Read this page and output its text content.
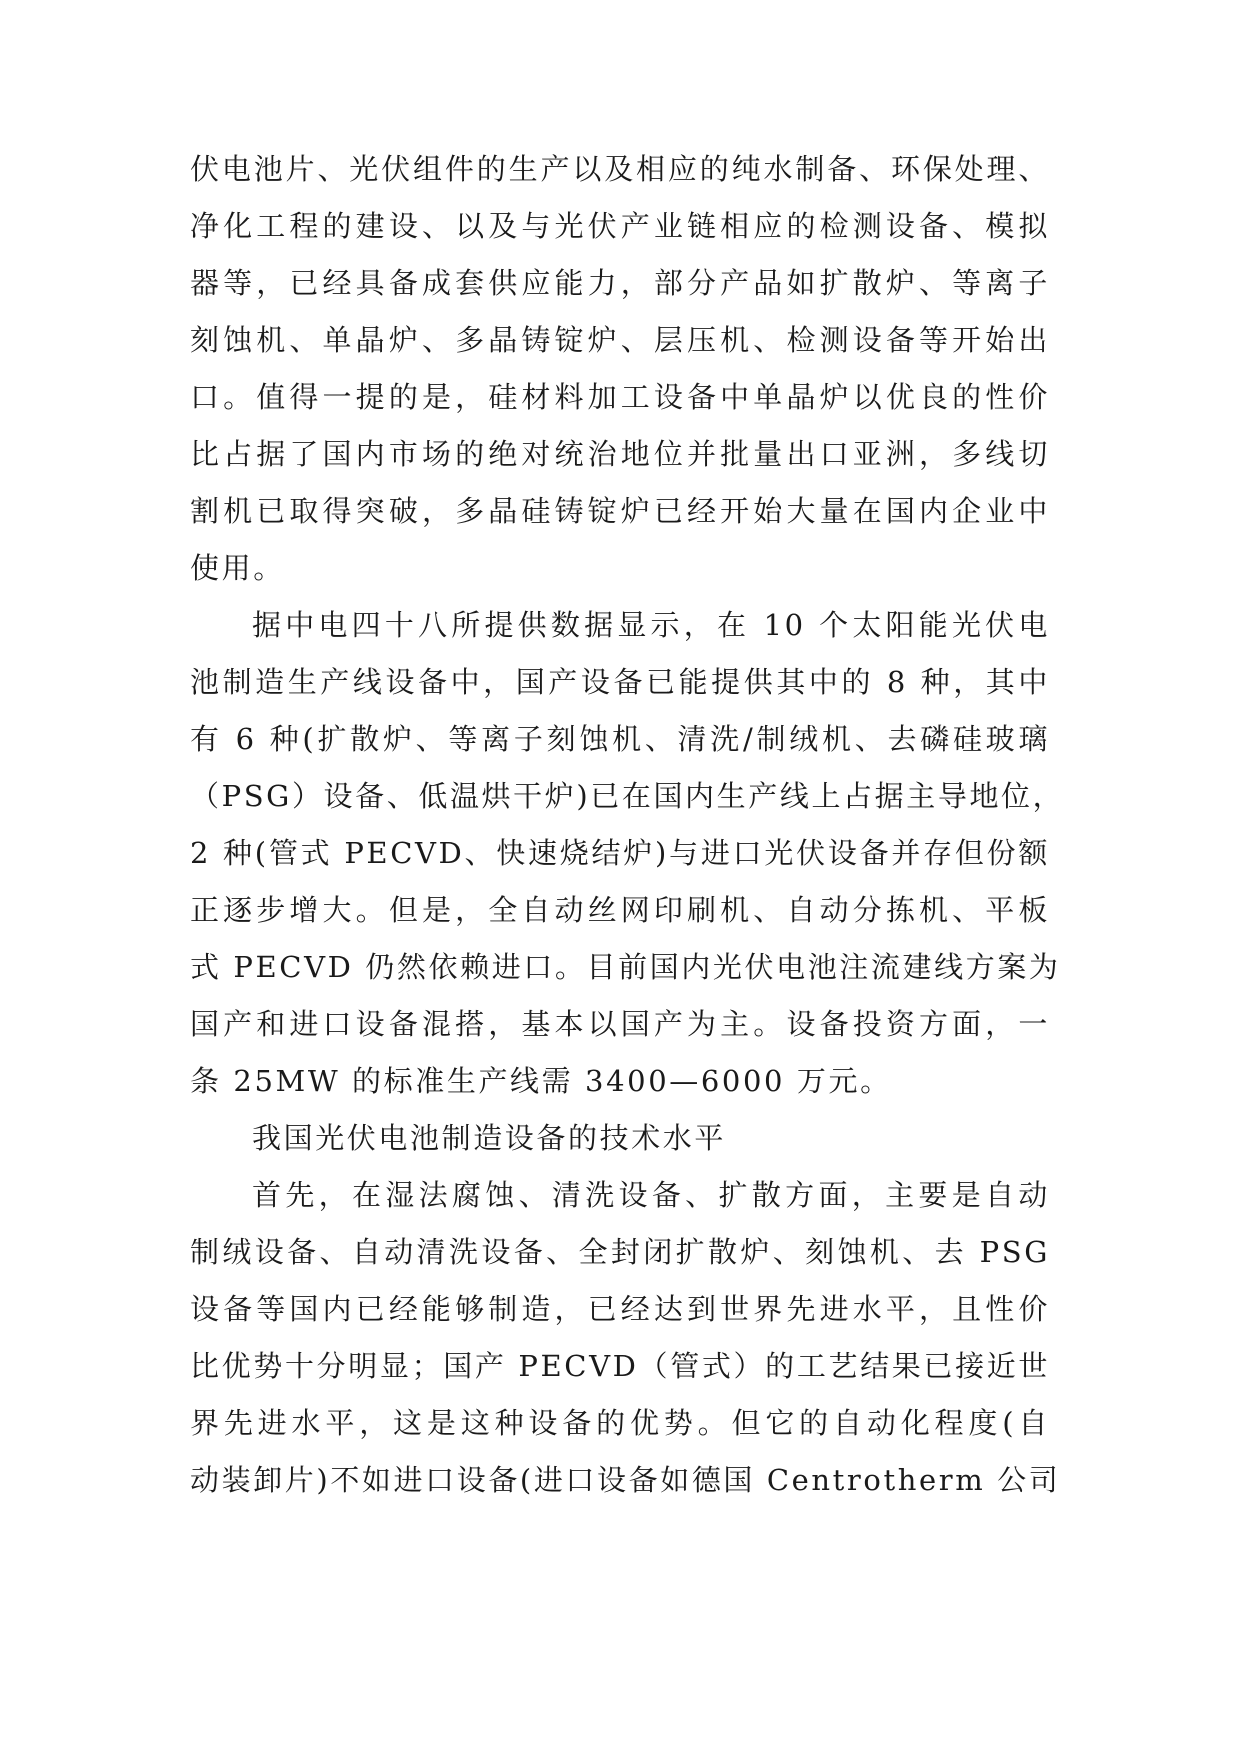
伏电池片、光伏组件的生产以及相应的纯水制备、环保处理、
净化工程的建设、以及与光伏产业链相应的检测设备、模拟
器等，已经具备成套供应能力，部分产品如扩散炉、等离子
刻蚀机、单晶炉、多晶铸锭炉、层压机、检测设备等开始出
口。值得一提的是，硅材料加工设备中单晶炉以优良的性价
比占据了国内市场的绝对统治地位并批量出口亚洲，多线切
割机已取得突破，多晶硅铸锭炉已经开始大量在国内企业中
使用。
据中电四十八所提供数据显示，在 10 个太阳能光伏电
池制造生产线设备中，国产设备已能提供其中的 8 种，其中
有 6 种(扩散炉、等离子刻蚀机、清洗/制绒机、去磷硅玻璃
（PSG）设备、低温烘干炉)已在国内生产线上占据主导地位，
2 种(管式 PECVD、快速烧结炉)与进口光伏设备并存但份额
正逐步增大。但是，全自动丝网印刷机、自动分拣机、平板
式 PECVD 仍然依赖进口。目前国内光伏电池注流建线方案为
国产和进口设备混搭，基本以国产为主。设备投资方面，一
条 25MW 的标准生产线需 3400—6000 万元。
我国光伏电池制造设备的技术水平
首先，在湿法腐蚀、清洗设备、扩散方面，主要是自动
制绒设备、自动清洗设备、全封闭扩散炉、刻蚀机、去 PSG
设备等国内已经能够制造，已经达到世界先进水平，且性价
比优势十分明显；国产 PECVD（管式）的工艺结果已接近世
界先进水平，这是这种设备的优势。但它的自动化程度(自
动装卸片)不如进口设备(进口设备如德国 Centrotherm 公司
